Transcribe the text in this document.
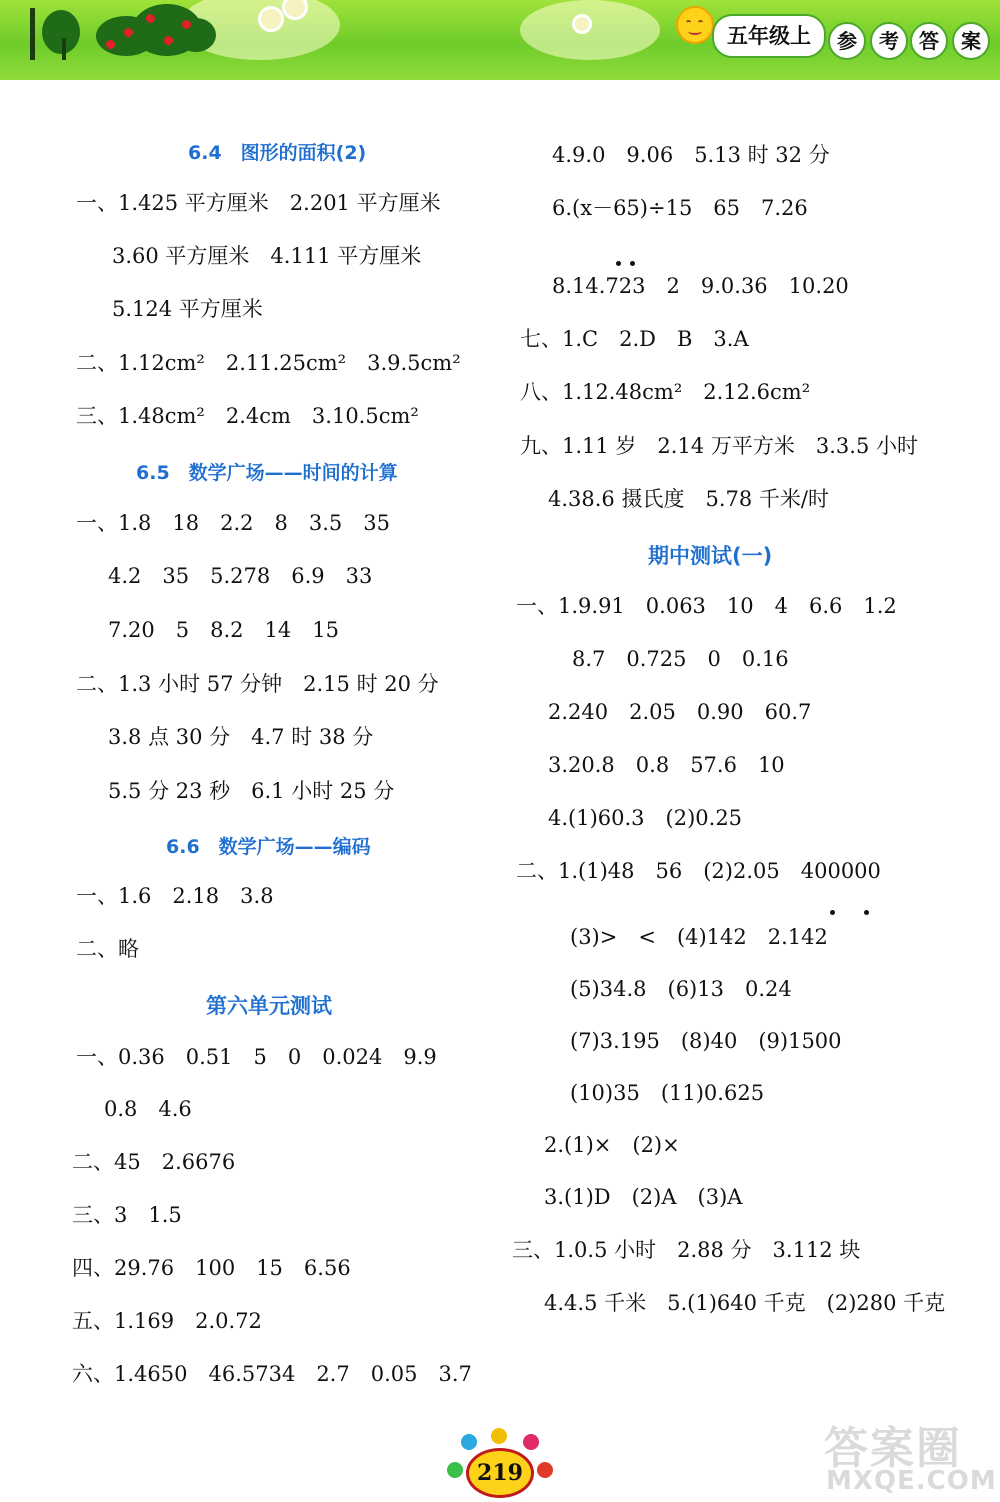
五年级上	参	考	答	案
6.4　图形的面积(2)
一、1.425 平方厘米　2.201 平方厘米
3.60 平方厘米　4.111 平方厘米
5.124 平方厘米
二、1.12cm²　2.11.25cm²　3.9.5cm²
三、1.48cm²　2.4cm　3.10.5cm²
6.5　数学广场——时间的计算
一、1.8　18　2.2　8　3.5　35
4.2　35　5.278　6.9　33
7.20　5　8.2　14　15
二、1.3 小时 57 分钟　2.15 时 20 分
3.8 点 30 分　4.7 时 38 分
5.5 分 23 秒　6.1 小时 25 分
6.6　数学广场——编码
一、1.6　2.18　3.8
二、略
第六单元测试
一、0.36　0.51　5　0　0.024　9.9
0.8　4.6
二、45　2.6676
三、3　1.5
四、29.76　100　15　6.56
五、1.169　2.0.72
六、1.4650　46.5734　2.7　0.05　3.7
4.9.0　9.06　5.13 时 32 分
6.(x－65)÷15　65　7.26
8.14.723　2　9.0.36　10.20
七、1.C　2.D　B　3.A
八、1.12.48cm²　2.12.6cm²
九、1.11 岁　2.14 万平方米　3.3.5 小时
4.38.6 摄氏度　5.78 千米/时
期中测试(一)
一、1.9.91　0.063　10　4　6.6　1.2
8.7　0.725　0　0.16
2.240　2.05　0.90　60.7
3.20.8　0.8　57.6　10
4.(1)60.3　(2)0.25
二、1.(1)48　56　(2)2.05　400000
(3)>　<　(4)142　2.142
(5)34.8　(6)13　0.24
(7)3.195　(8)40　(9)1500
(10)35　(11)0.625
2.(1)×　(2)×
3.(1)D　(2)A　(3)A
三、1.0.5 小时　2.88 分　3.112 块
4.4.5 千米　5.(1)640 千克　(2)280 千克
219	答案圈
MXQE.COM
